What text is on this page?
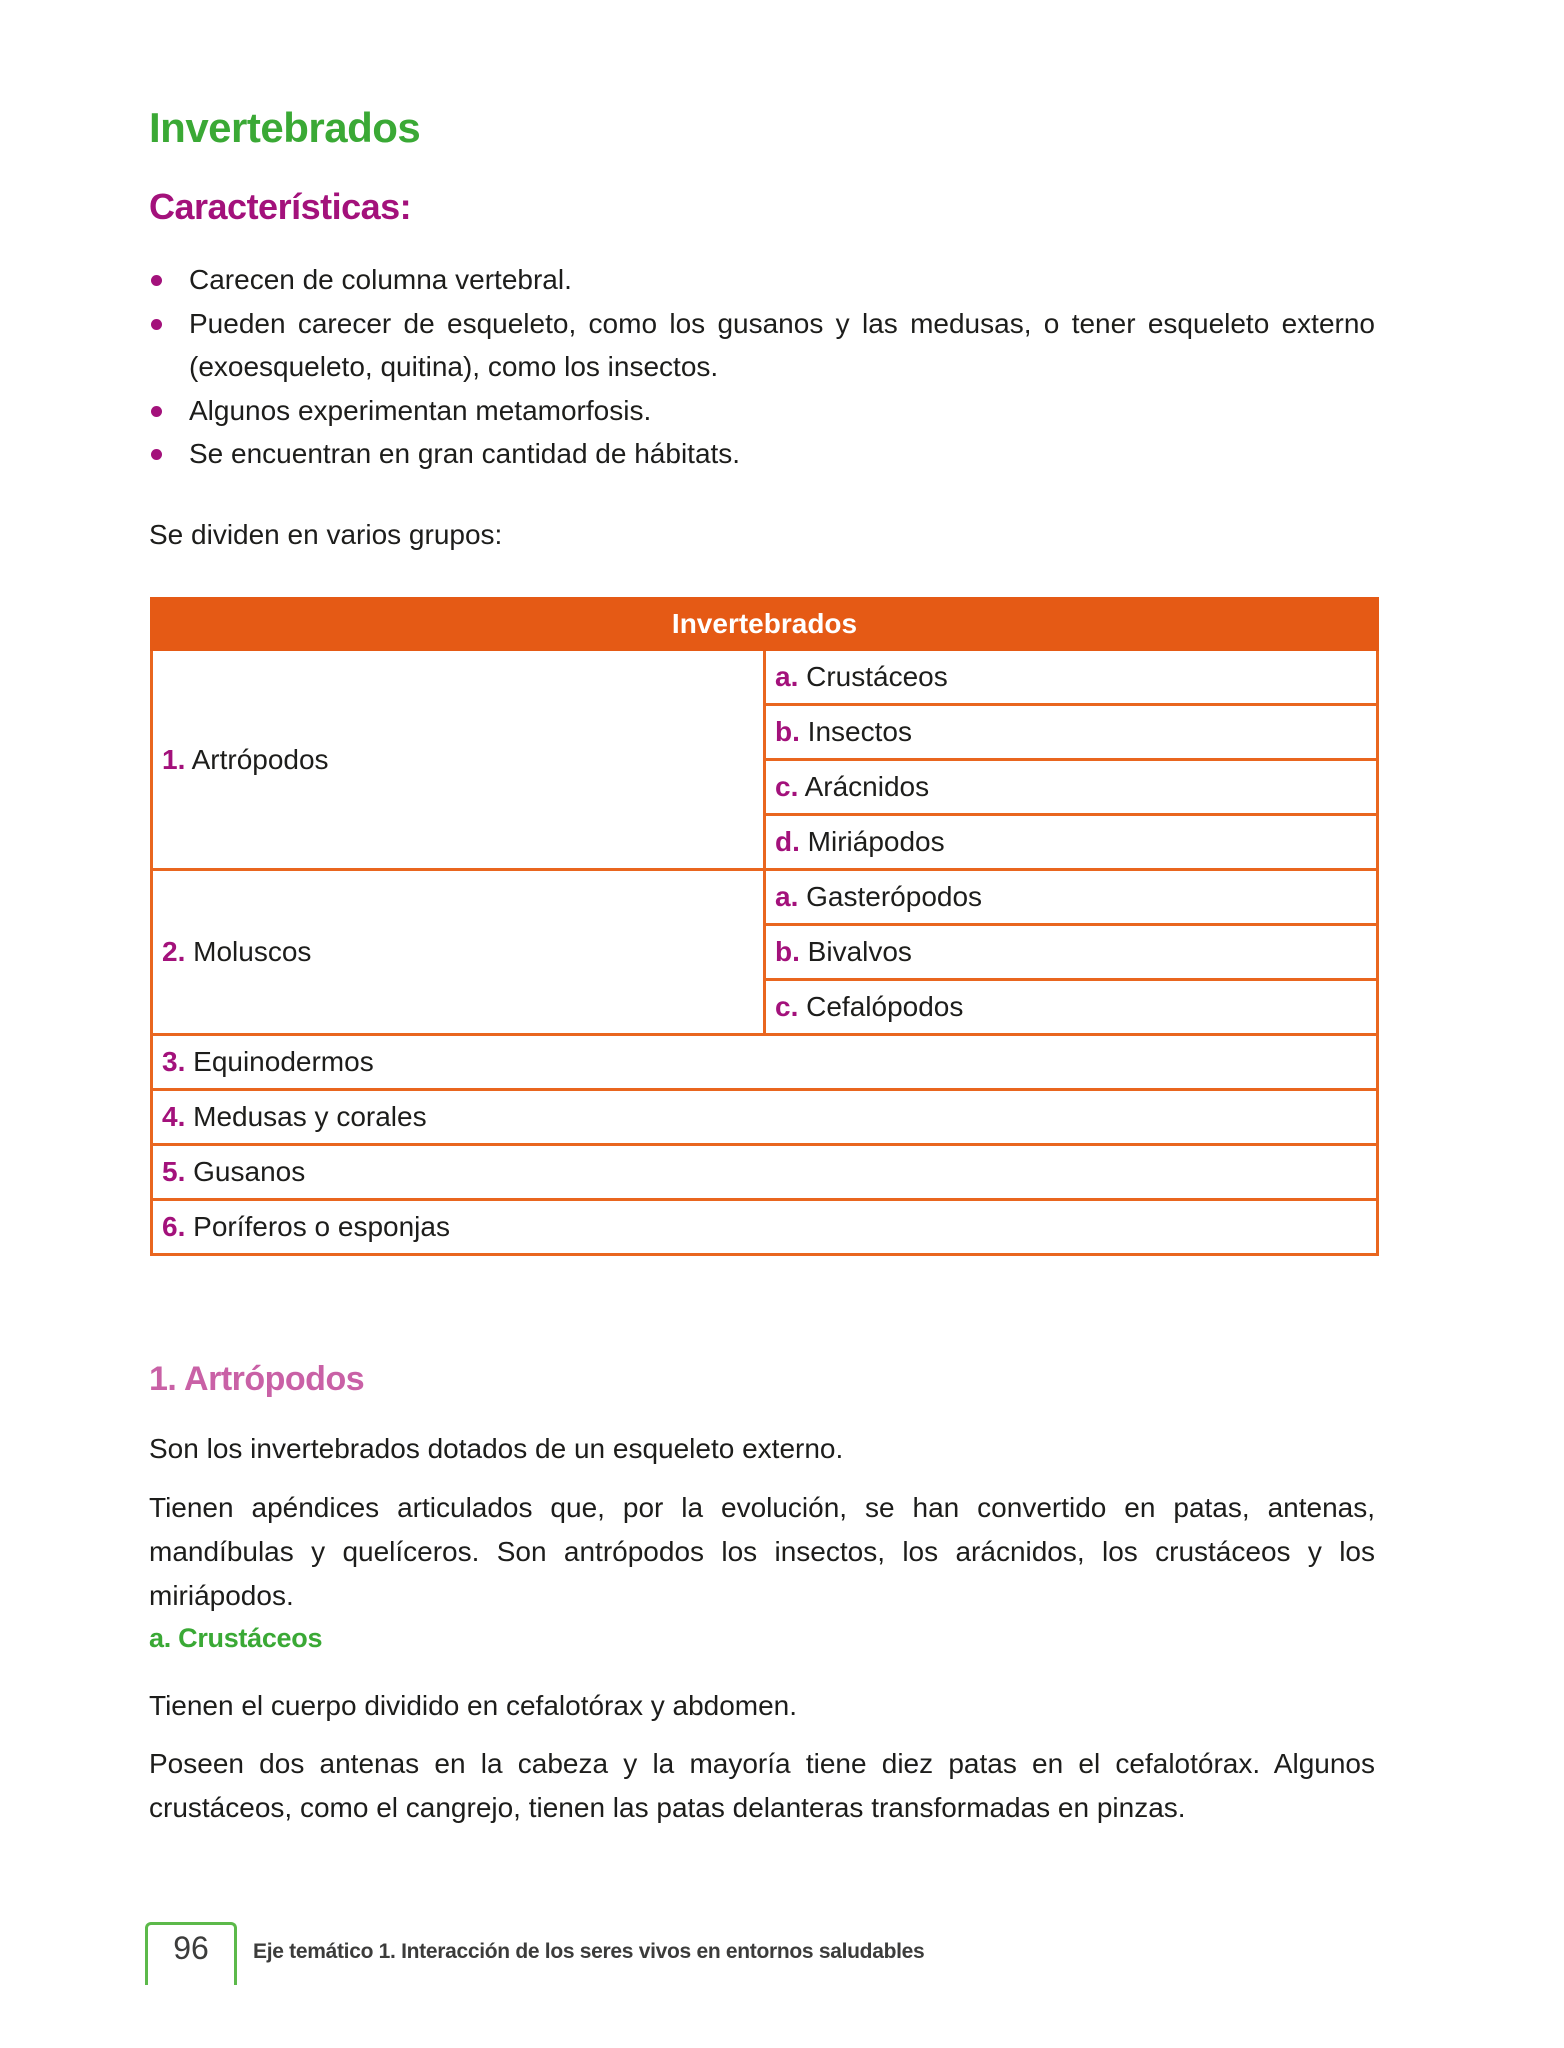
Invertebrados
Características:
Carecen de columna vertebral.
Pueden carecer de esqueleto, como los gusanos y las medusas, o tener esqueleto externo (exoesqueleto, quitina), como los insectos.
Algunos experimentan metamorfosis.
Se encuentran en gran cantidad de hábitats.
Se dividen en varios grupos:
Invertebrados	
1. Artrópodos	a. Crustáceos
	b. Insectos
	c. Arácnidos
	d. Miriápodos
2. Moluscos	a. Gasterópodos
	b. Bivalvos
	c. Cefalópodos
3. Equinodermos	
4. Medusas y corales	
5. Gusanos	
6. Poríferos o esponjas	
1. Artrópodos

Son los invertebrados dotados de un esqueleto externo.

Tienen apéndices articulados que, por la evolución, se han convertido en patas, antenas, mandíbulas y quelíceros. Son antrópodos los insectos, los arácnidos, los crustáceos y los miriápodos.

a. Crustáceos

Tienen el cuerpo dividido en cefalotórax y abdomen.

Poseen dos antenas en la cabeza y la mayoría tiene diez patas en el cefalotórax. Algunos crustáceos, como el cangrejo, tienen las patas delanteras transformadas en pinzas.

96	Eje temático 1. Interacción de los seres vivos en entornos saludables
